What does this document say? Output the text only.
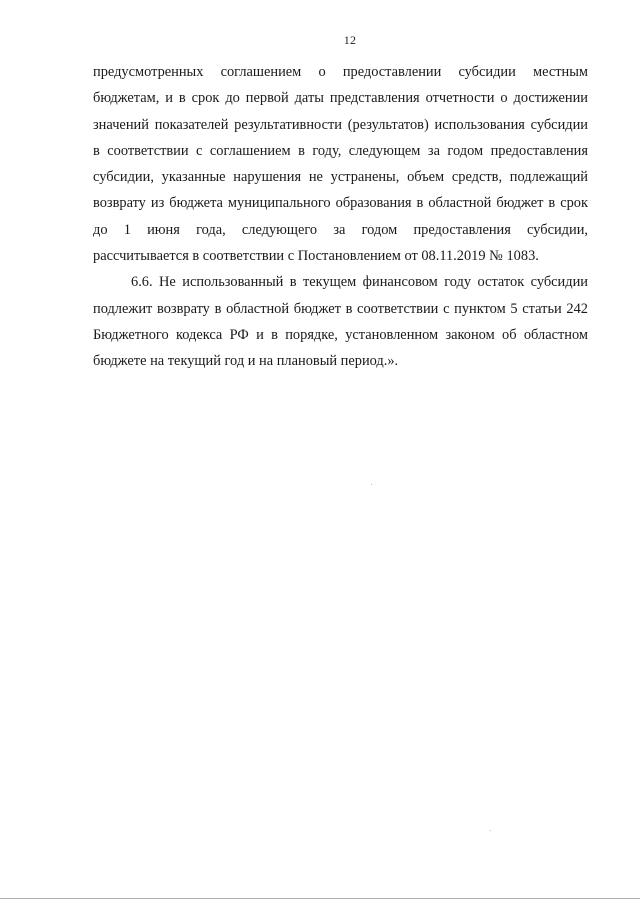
12
предусмотренных соглашением о предоставлении субсидии местным
бюджетам, и в срок до первой даты представления отчетности о достижении
значений показателей результативности (результатов) использования субсидии
в соответствии с соглашением в году, следующем за годом предоставления
субсидии, указанные нарушения не устранены, объем средств, подлежащий
возврату из бюджета муниципального образования в областной бюджет в срок
до 1 июня года, следующего за годом предоставления субсидии,
рассчитывается в соответствии с Постановлением от 08.11.2019 № 1083.
6.6. Не использованный в текущем финансовом году остаток субсидии
подлежит возврату в областной бюджет в соответствии с пунктом 5 статьи 242
Бюджетного кодекса РФ и в порядке, установленном законом об областном
бюджете на текущий год и на плановый период.».
